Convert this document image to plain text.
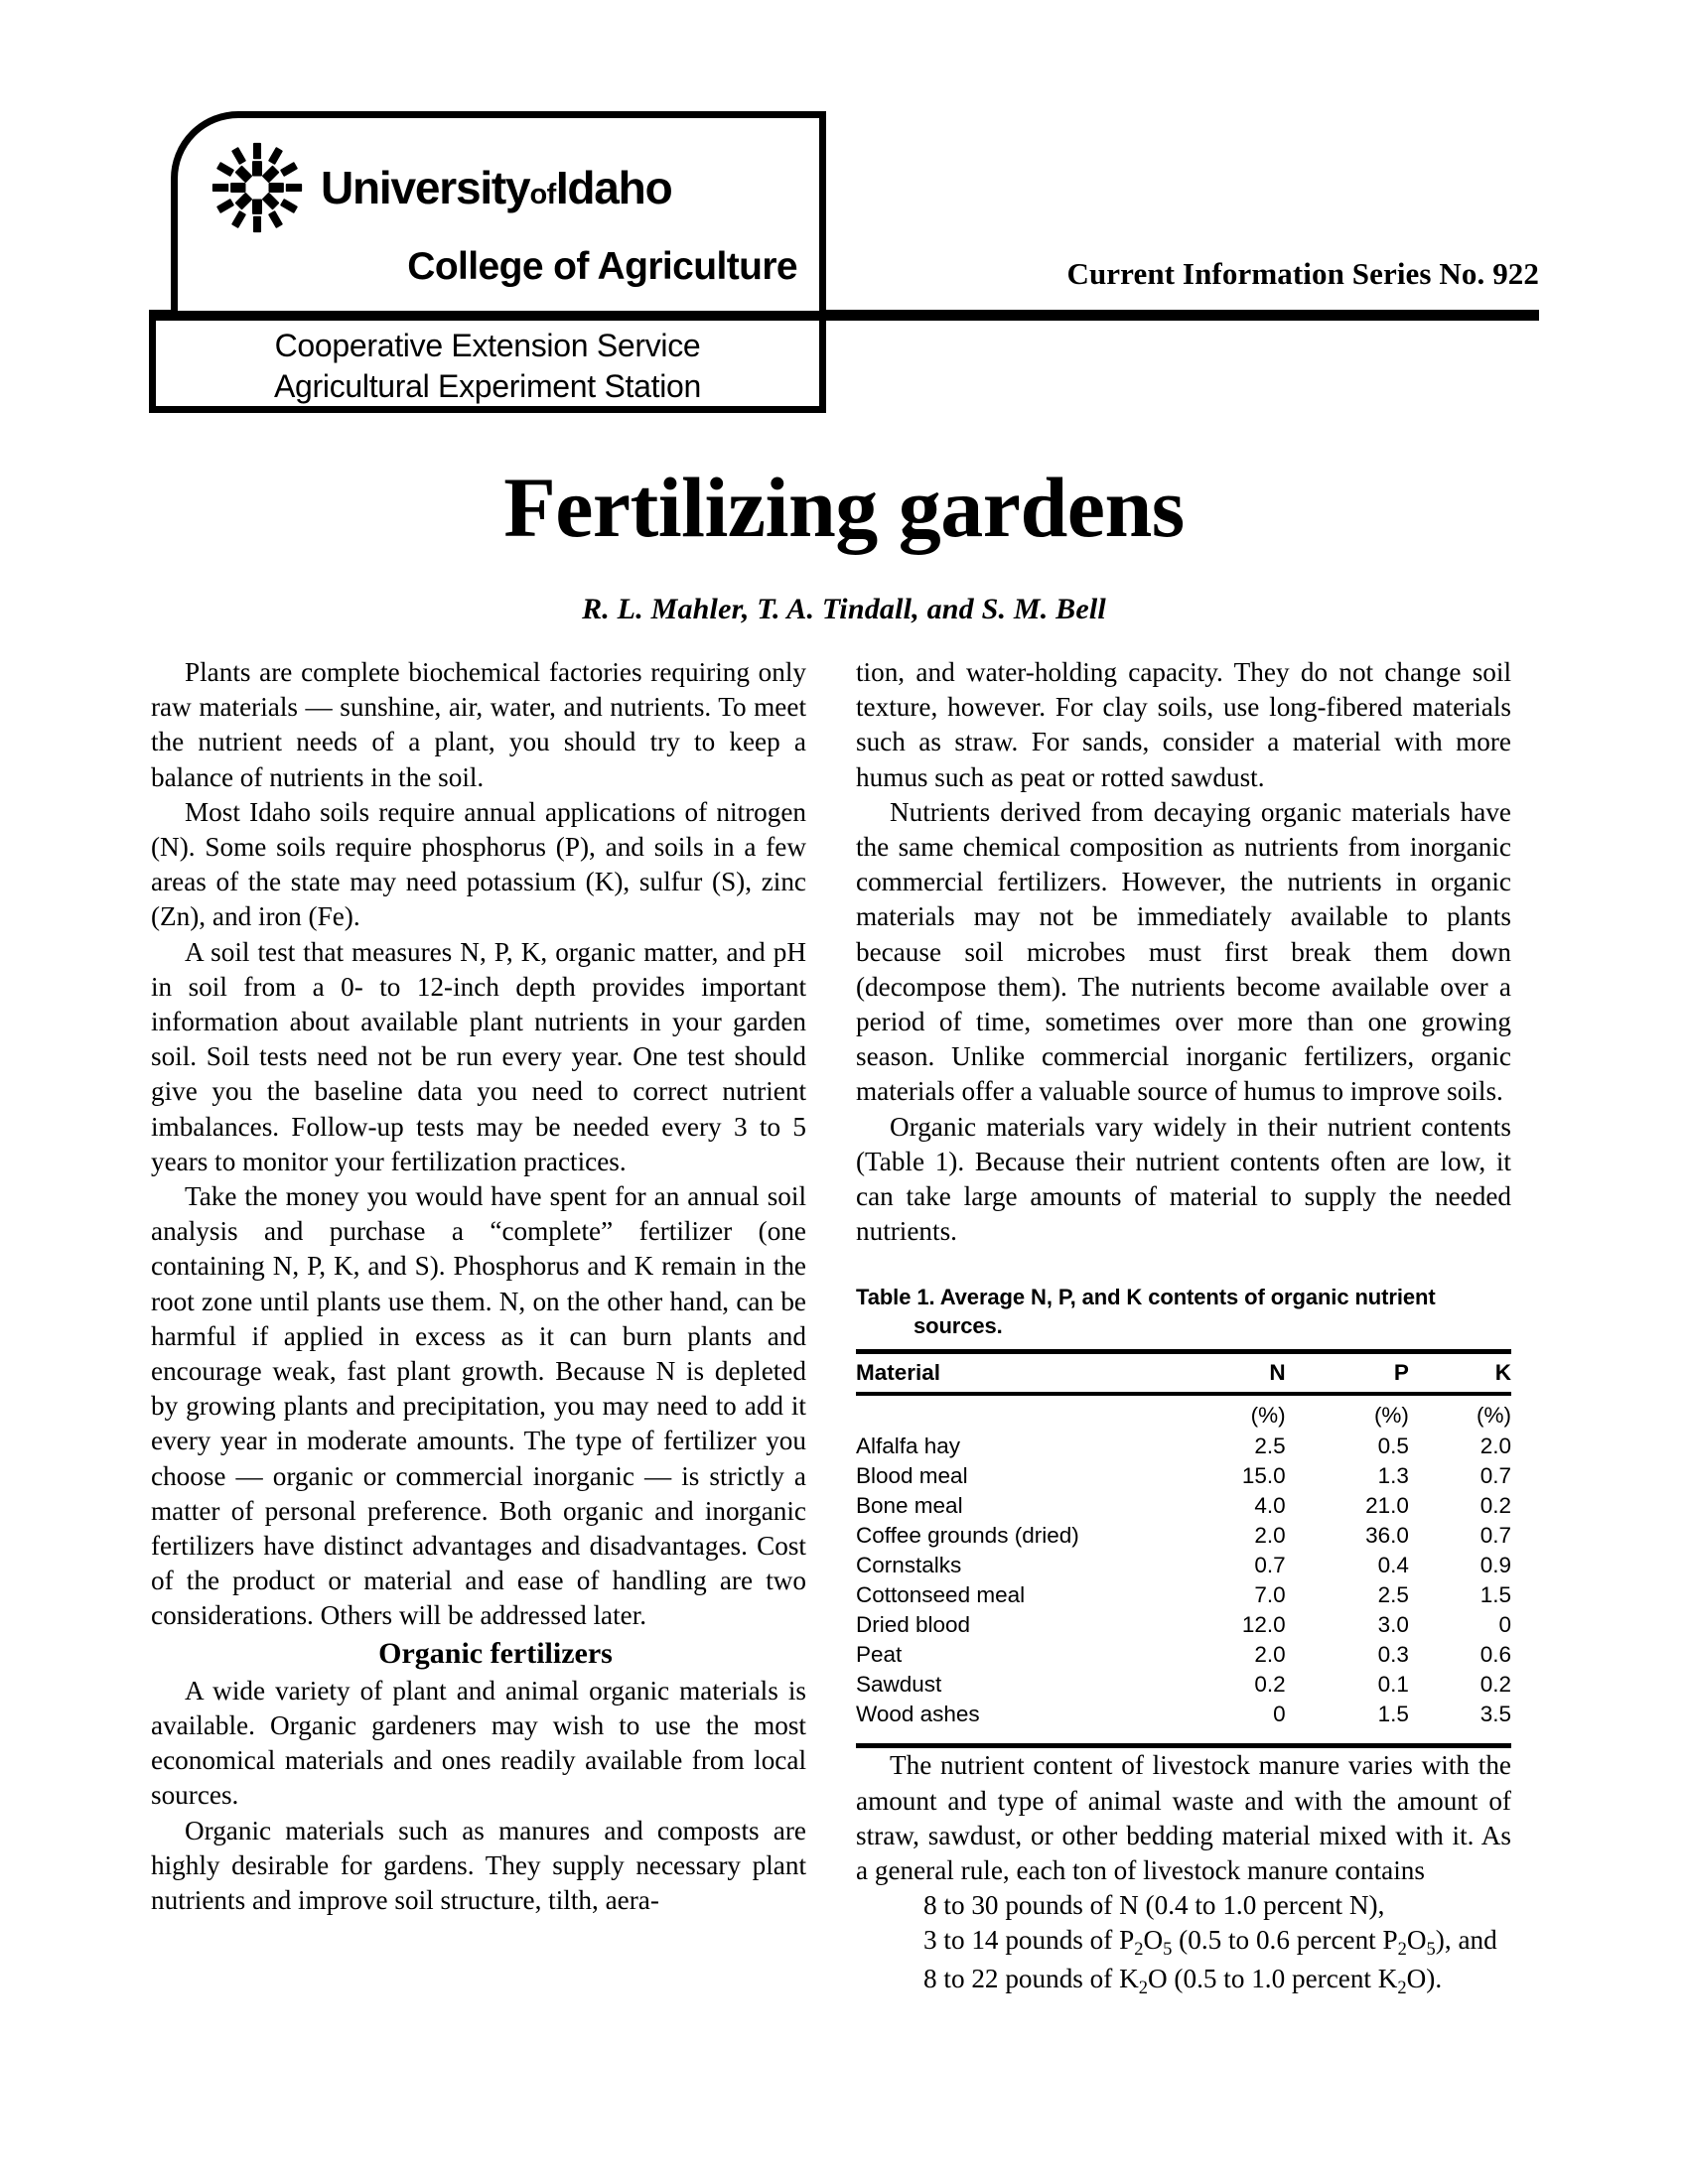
UniversityofIdaho
College of Agriculture
Cooperative Extension Service
Agricultural Experiment Station
Current Information Series No. 922
Fertilizing gardens
R. L. Mahler, T. A. Tindall, and S. M. Bell

Plants are complete biochemical factories requiring only raw materials — sunshine, air, water, and nutrients. To meet the nutrient needs of a plant, you should try to keep a balance of nutrients in the soil.

Most Idaho soils require annual applications of nitrogen (N). Some soils require phosphorus (P), and soils in a few areas of the state may need potassium (K), sulfur (S), zinc (Zn), and iron (Fe).

A soil test that measures N, P, K, organic matter, and pH in soil from a 0- to 12-inch depth provides important information about available plant nutrients in your garden soil. Soil tests need not be run every year. One test should give you the baseline data you need to correct nutrient imbalances. Follow-up tests may be needed every 3 to 5 years to monitor your fertilization practices.

Take the money you would have spent for an annual soil analysis and purchase a “complete” fertilizer (one containing N, P, K, and S). Phosphorus and K remain in the root zone until plants use them. N, on the other hand, can be harmful if applied in excess as it can burn plants and encourage weak, fast plant growth. Because N is depleted by growing plants and precipitation, you may need to add it every year in moderate amounts. The type of fertilizer you choose — organic or commercial inorganic — is strictly a matter of personal preference. Both organic and inorganic fertilizers have distinct advantages and disadvantages. Cost of the product or material and ease of handling are two considerations. Others will be addressed later.

Organic fertilizers

A wide variety of plant and animal organic materials is available. Organic gardeners may wish to use the most economical materials and ones readily available from local sources.

Organic materials such as manures and composts are highly desirable for gardens. They supply necessary plant nutrients and improve soil structure, tilth, aera-

tion, and water-holding capacity. They do not change soil texture, however. For clay soils, use long-fibered materials such as straw. For sands, consider a material with more humus such as peat or rotted sawdust.

Nutrients derived from decaying organic materials have the same chemical composition as nutrients from inorganic commercial fertilizers. However, the nutrients in organic materials may not be immediately available to plants because soil microbes must first break them down (decompose them). The nutrients become available over a period of time, sometimes over more than one growing season. Unlike commercial inorganic fertilizers, organic materials offer a valuable source of humus to improve soils.

Organic materials vary widely in their nutrient contents (Table 1). Because their nutrient contents often are low, it can take large amounts of material to supply the needed nutrients.

Table 1. Average N, P, and K contents of organic nutrient
sources.
Material	N	P	K
	(%)	(%)	(%)
Alfalfa hay	2.5	0.5	2.0
Blood meal	15.0	1.3	0.7
Bone meal	4.0	21.0	0.2
Coffee grounds (dried)	2.0	36.0	0.7
Cornstalks	0.7	0.4	0.9
Cottonseed meal	7.0	2.5	1.5
Dried blood	12.0	3.0	0
Peat	2.0	0.3	0.6
Sawdust	0.2	0.1	0.2
Wood ashes	0	1.5	3.5

The nutrient content of livestock manure varies with the amount and type of animal waste and with the amount of straw, sawdust, or other bedding material mixed with it. As a general rule, each ton of livestock manure contains

8 to 30 pounds of N (0.4 to 1.0 percent N),

3 to 14 pounds of $P_2O_5$ (0.5 to 0.6 percent $P_2O_5$), and

8 to 22 pounds of $K_2O$ (0.5 to 1.0 percent $K_2O$).
